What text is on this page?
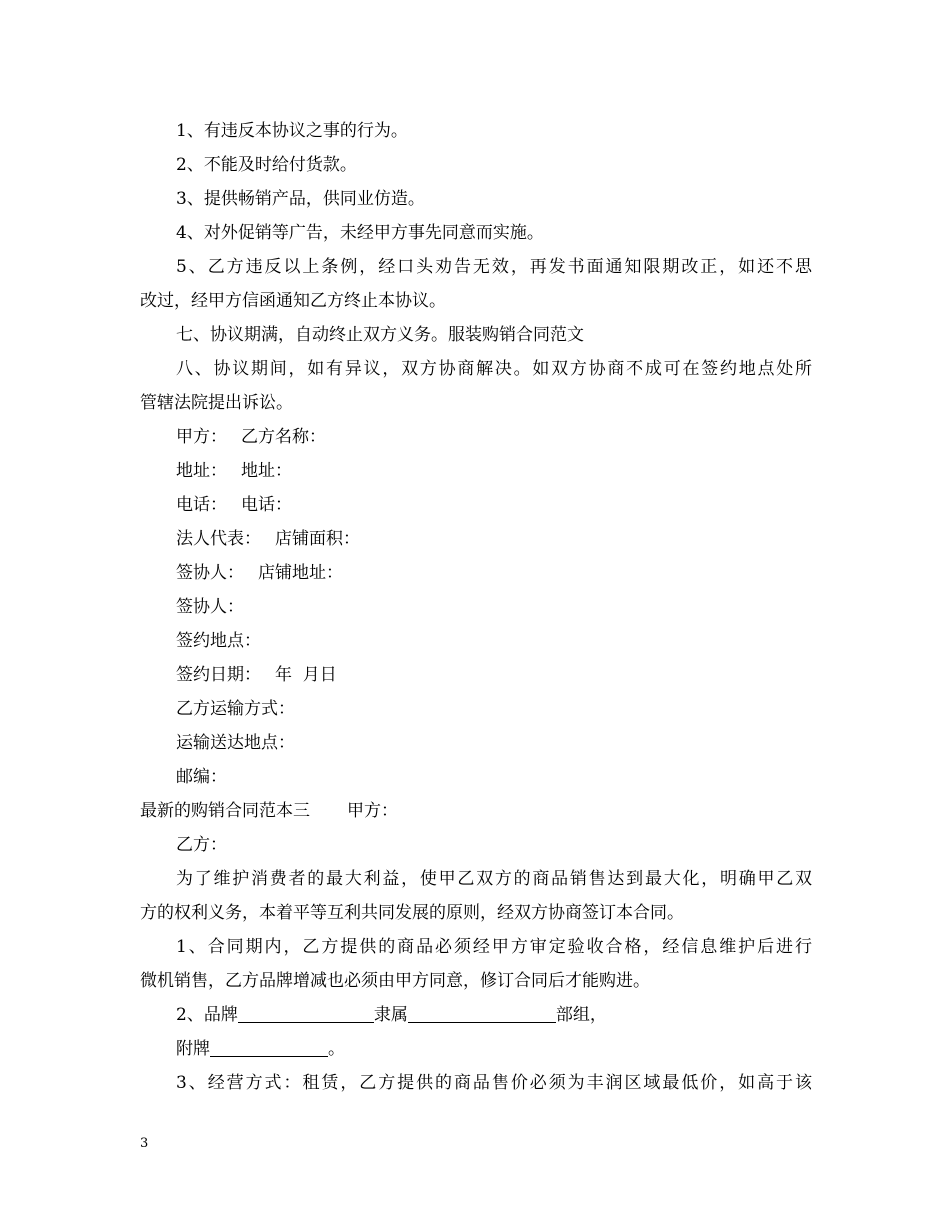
1、有违反本协议之事的行为。
2、不能及时给付货款。
3、提供畅销产品，供同业仿造。
4、对外促销等广告，未经甲方事先同意而实施。
5、乙方违反以上条例，经口头劝告无效，再发书面通知限期改正，如还不思
改过，经甲方信函通知乙方终止本协议。
七、协议期满，自动终止双方义务。服装购销合同范文
八、协议期间，如有异议，双方协商解决。如双方协商不成可在签约地点处所
管辖法院提出诉讼。
甲方： 乙方名称：
地址： 地址：
电话： 电话：
法人代表： 店铺面积：
签协人： 店铺地址：
签协人：
签约地点：
签约日期： 年  月日
乙方运输方式：
运输送达地点：
邮编：
最新的购销合同范本三 甲方：
乙方：
为了维护消费者的最大利益，使甲乙双方的商品销售达到最大化，明确甲乙双
方的权利义务，本着平等互利共同发展的原则，经双方协商签订本合同。
1、合同期内，乙方提供的商品必须经甲方审定验收合格，经信息维护后进行
微机销售，乙方品牌增减也必须由甲方同意，修订合同后才能购进。
2、品牌	隶属	部组，
附牌	。
3、经营方式：租赁，乙方提供的商品售价必须为丰润区域最低价，如高于该
3
